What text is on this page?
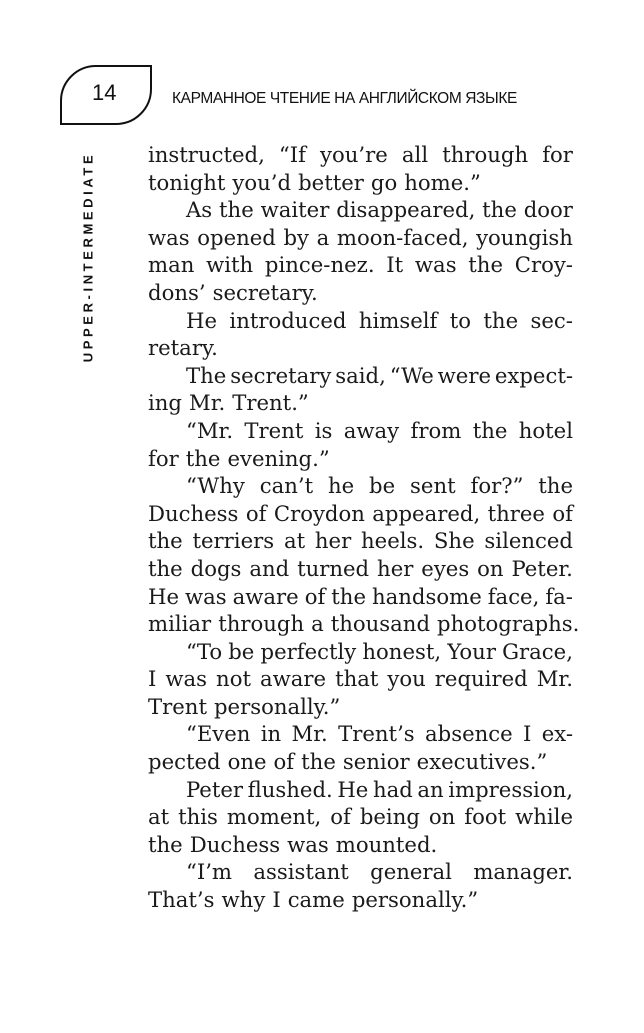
14	КАРМАННОЕ ЧТЕНИЕ НА АНГЛИЙСКОМ ЯЗЫКЕ
UPPER-INTERMEDIATE instructed, “If you’re all through for
tonight you’d better go home.”
As the waiter disappeared, the door
was opened by a moon-faced, youngish
man with pince-nez. It was the Croy-
dons’ secretary.
He introduced himself to the sec-
retary.
The secretary said, “We were expect-
ing Mr. Trent.”
“Mr. Trent is away from the hotel
for the evening.”
“Why can’t he be sent for?” the
Duchess of Croydon appeared, three of
the terriers at her heels. She silenced
the dogs and turned her eyes on Peter.
He was aware of the handsome face, fa-
miliar through a thousand photographs.
“To be perfectly honest, Your Grace,
I was not aware that you required Mr.
Trent personally.”
“Even in Mr. Trent’s absence I ex-
pected one of the senior executives.”
Peter flushed. He had an impression,
at this moment, of being on foot while
the Duchess was mounted.
“I’m assistant general manager.
That’s why I came personally.”
